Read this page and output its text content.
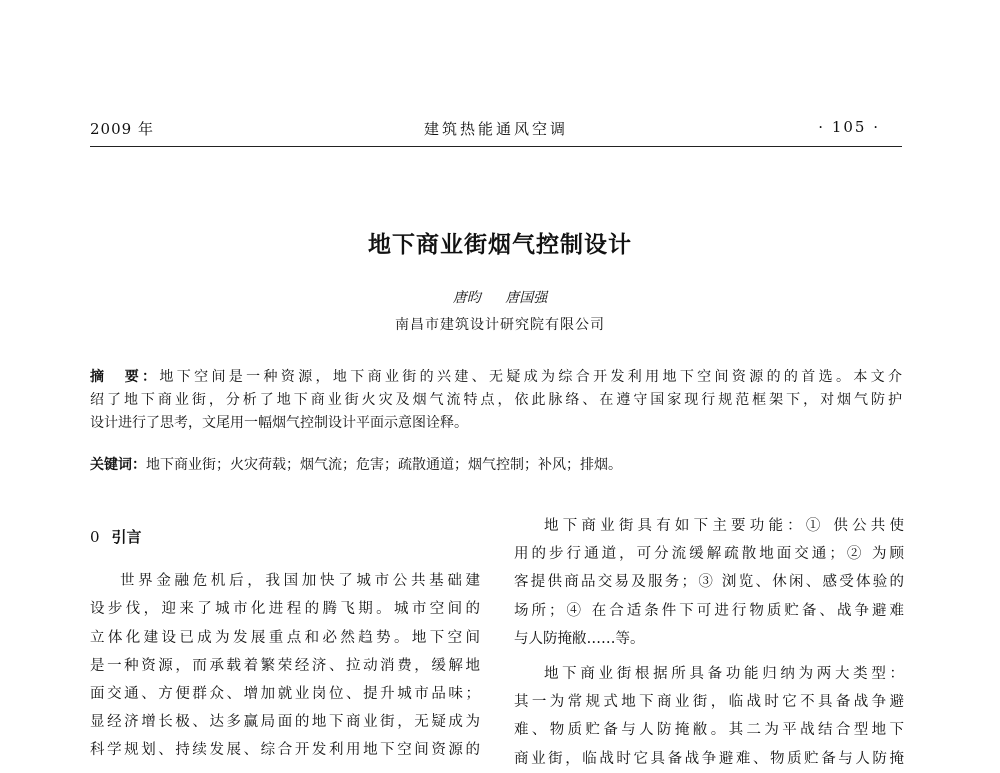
2009 年	建筑热能通风空调	· 105 ·
地下商业街烟气控制设计
唐昀 唐国强
南昌市建筑设计研究院有限公司
摘　要：地下空间是一种资源，地下商业街的兴建、无疑成为综合开发利用地下空间资源的的首选。本文介
绍了地下商业街，分析了地下商业街火灾及烟气流特点，依此脉络、在遵守国家现行规范框架下，对烟气防护
设计进行了思考，文尾用一幅烟气控制设计平面示意图诠释。
关键词：地下商业街；火灾荷载；烟气流；危害；疏散通道；烟气控制；补风；排烟。
0 引言
世界金融危机后，我国加快了城市公共基础建
设步伐，迎来了城市化进程的腾飞期。城市空间的
立体化建设已成为发展重点和必然趋势。地下空间
是一种资源，而承载着繁荣经济、拉动消费，缓解地
面交通、方便群众、增加就业岗位、提升城市品味；
显经济增长极、达多赢局面的地下商业街，无疑成为
科学规划、持续发展、综合开发利用地下空间资源的
地下商业街具有如下主要功能：① 供公共使
用的步行通道，可分流缓解疏散地面交通；② 为顾
客提供商品交易及服务；③ 浏览、休闲、感受体验的
场所；④ 在合适条件下可进行物质贮备、战争避难
与人防掩敝……等。
地下商业街根据所具备功能归纳为两大类型：
其一为常规式地下商业街，临战时它不具备战争避
难、物质贮备与人防掩敝。其二为平战结合型地下
商业街，临战时它具备战争避难、物质贮备与人防掩
